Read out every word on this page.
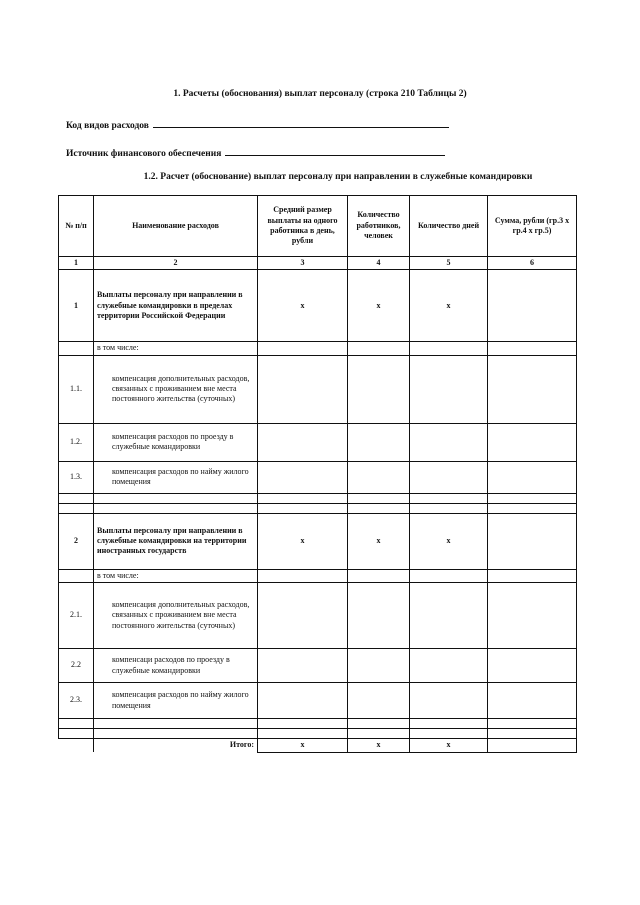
1. Расчеты (обоснования) выплат персоналу (строка 210 Таблицы 2)
Код видов расходов
Источник финансового обеспечения
1.2. Расчет (обоснование) выплат персоналу при направлении в служебные командировки
№ п/п	Наименование расходов	Средний размер выплаты на одного работника в день, рубли	Количество работников, человек	Количество дней	Сумма, рубли (гр.3 х гр.4 х гр.5)
1	2	3	4	5	6
1	Выплаты персоналу при направлении в служебные командировки в пределах территории Российской Федерации	х	х	х	
	в том числе:				
1.1.	компенсация дополнительных расходов, связанных с проживанием вне места постоянного жительства (суточных)				
1.2.	компенсация расходов по проезду в служебные командировки				
1.3.	компенсация расходов по найму жилого помещения				

2	Выплаты персоналу при направлении в служебные командировки на территории иностранных государств	х	х	х	
	в том числе:				
2.1.	компенсация дополнительных расходов, связанных с проживанием вне места постоянного жительства (суточных)				
2.2	компенсаци расходов по проезду в служебные командировки				
2.3.	компенсация расходов по найму жилого помещения				

	Итого:	х	х	х	
